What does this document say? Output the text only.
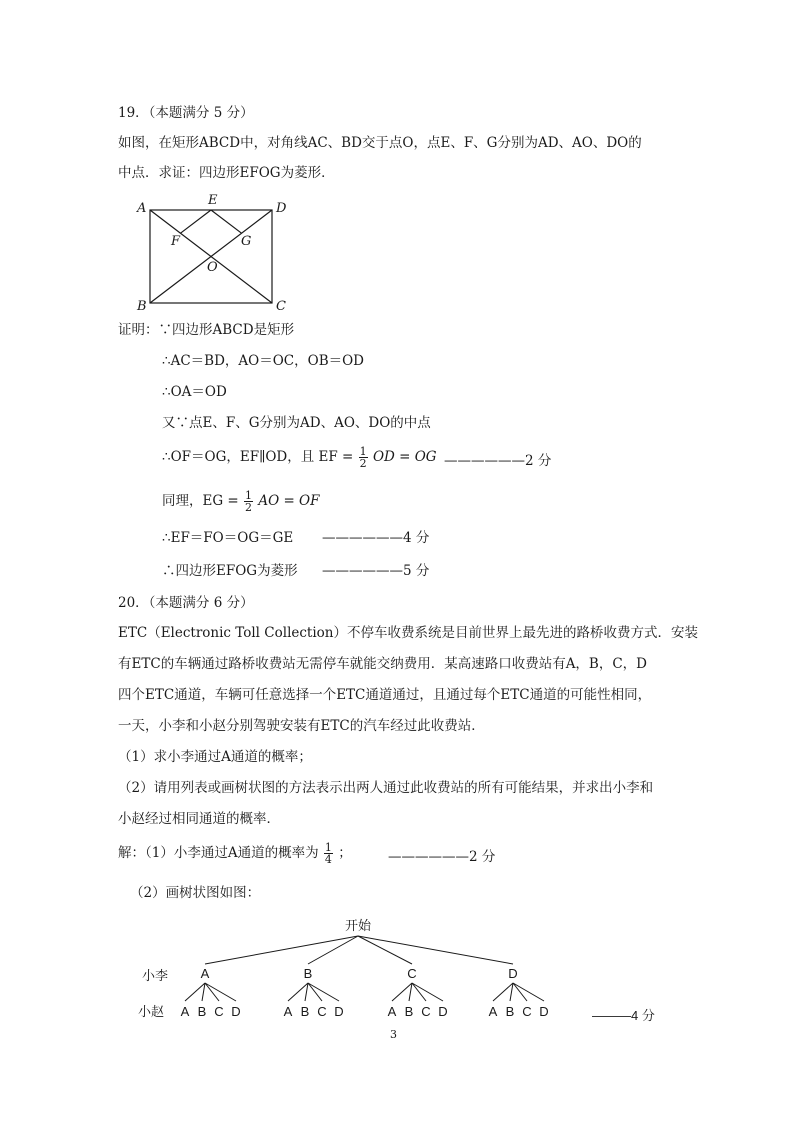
19．（本题满分 5 分）
如图，在矩形ABCD中，对角线AC、BD交于点O，点E、F、G分别为AD、AO、DO的
中点．求证：四边形EFOG为菱形．
A
E
D
F	G
O
B	C
证明：∵四边形ABCD是矩形
∴AC＝BD，AO＝OC，OB＝OD
∴OA＝OD
又∵点E、F、G分别为AD、AO、DO的中点
∴OF＝OG，EF∥OD，且 EF = $\frac{1}{2}$ OD = OG ——————2 分
同理，EG = $\frac{1}{2}$ AO = OF
∴EF＝FO＝OG＝GE ——————4 分
∴四边形EFOG为菱形 ——————5 分
20．（本题满分 6 分）
ETC（Electronic Toll Collection）不停车收费系统是目前世界上最先进的路桥收费方式．安装
有ETC的车辆通过路桥收费站无需停车就能交纳费用．某高速路口收费站有A，B，C，D
四个ETC通道，车辆可任意选择一个ETC通道通过，且通过每个ETC通道的可能性相同，
一天，小李和小赵分别驾驶安装有ETC的汽车经过此收费站．
（1）求小李通过A通道的概率；
（2）请用列表或画树状图的方法表示出两人通过此收费站的所有可能结果，并求出小李和
小赵经过相同通道的概率．
解：（1）小李通过A通道的概率为 $\frac{1}{4}$ ；	——————2 分
（2）画树状图如图：
开始
小李
小赵
A	B	C	D
A B C D	A B C D	A B C D	A B C D	———4 分
3
